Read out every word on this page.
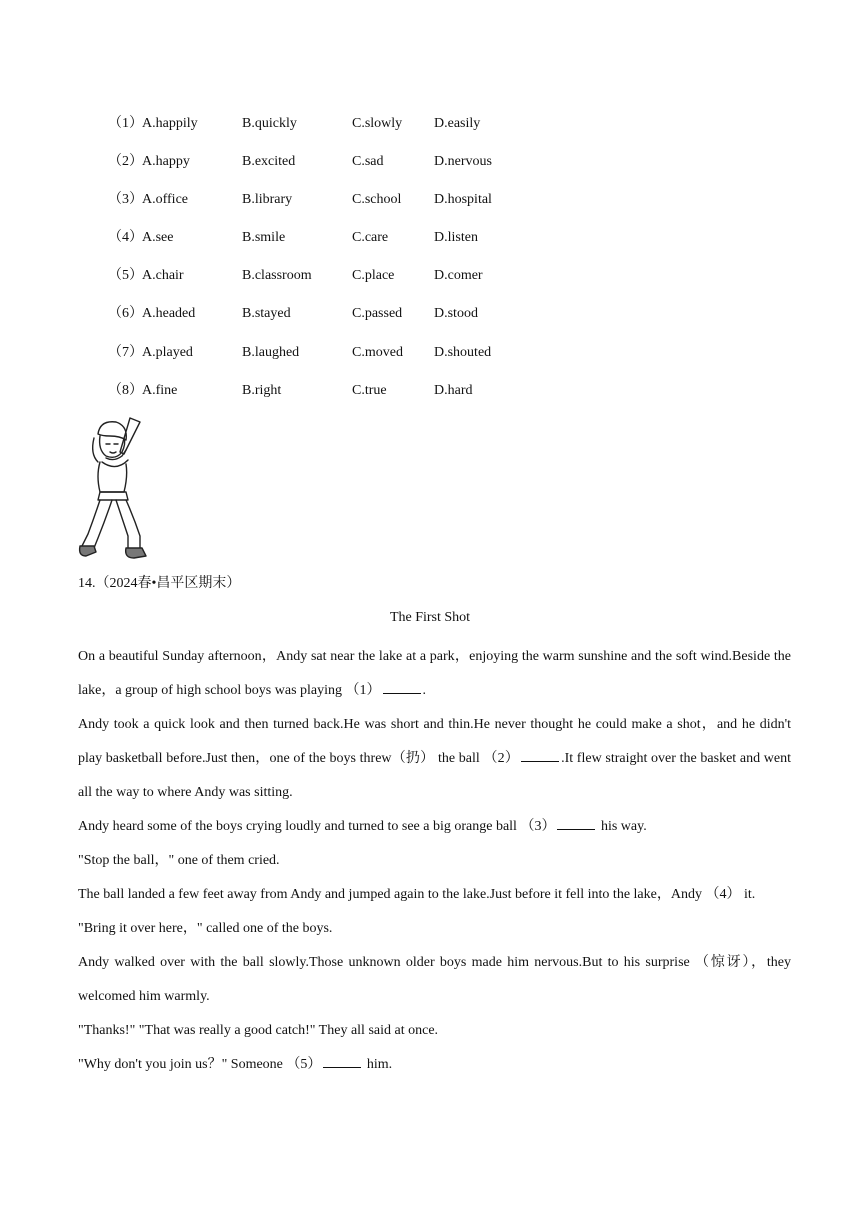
（1） A.happily	B.quickly	C.slowly D.easily
（2） A.happy	B.excited	C.sad	D.nervous
（3） A.office	B.library	C.school D.hospital
（4） A.see	B.smile	C.care	D.listen
（5） A.chair	B.classroom	C.place	D.comer
（6） A.headed	B.stayed	C.passed D.stood
（7） A.played	B.laughed	C.moved D.shouted
（8） A.fine	B.right	C.true	D.hard
14.（2024春•昌平区期末）
The First Shot

On a beautiful Sunday afternoon，Andy sat near the lake at a park，enjoying the warm sunshine and the soft wind.Beside the lake，a group of high school boys was playing （1）	.

Andy took a quick look and then turned back.He was short and thin.He never thought he could make a shot，and he didn't play basketball before.Just then，one of the boys threw（扔） the ball （2）	.It flew straight over the basket and went all the way to where Andy was sitting.

Andy heard some of the boys crying loudly and turned to see a big orange ball （3）	his way.

"Stop the ball，" one of them cried.

The ball landed a few feet away from Andy and jumped again to the lake.Just before it fell into the lake，Andy （4） it.

"Bring it over here，" called one of the boys.

Andy walked over with the ball slowly.Those unknown older boys made him nervous.But to his surprise （惊讶），they welcomed him warmly.

"Thanks!" "That was really a good catch!" They all said at once.

"Why don't you join us？" Someone （5）	him.
